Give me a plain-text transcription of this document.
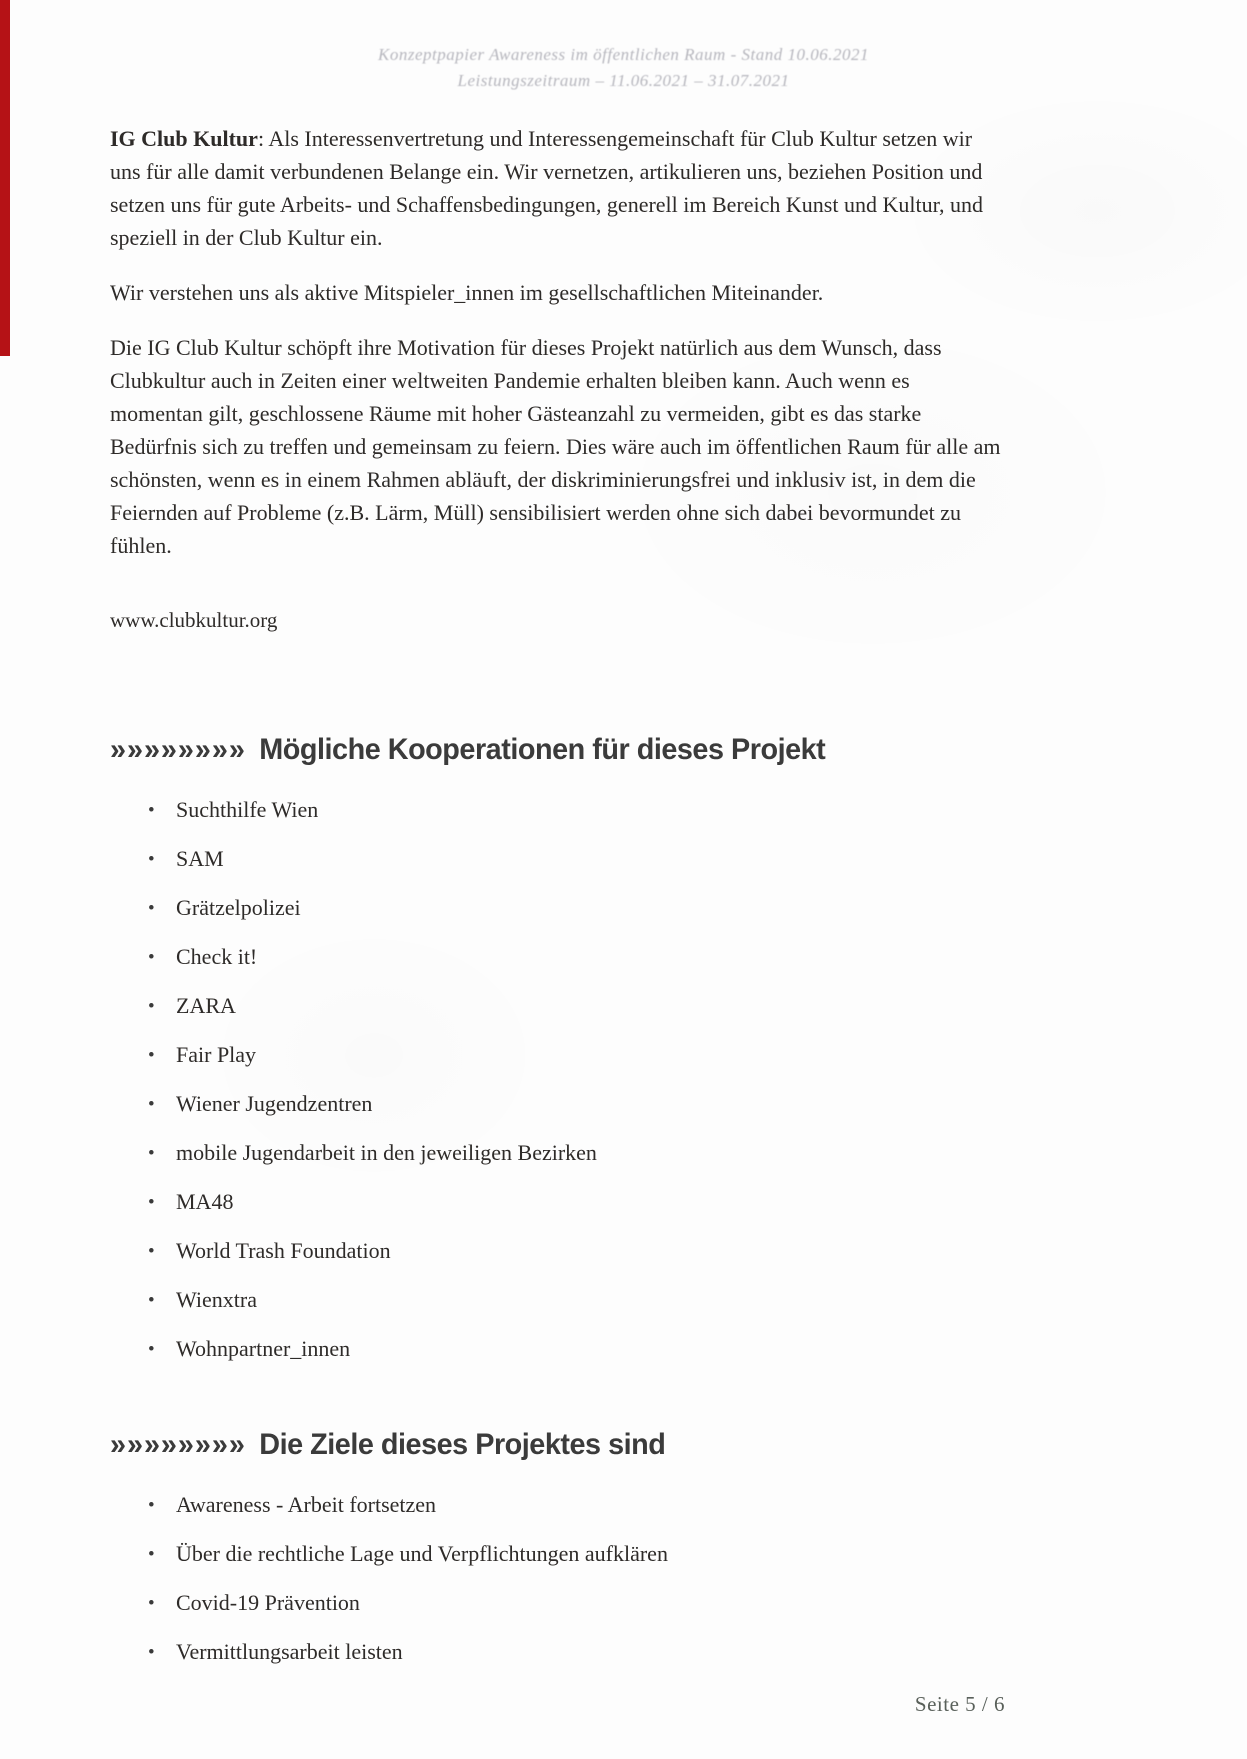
Konzeptpapier Awareness im öffentlichen Raum - Stand 10.06.2021
Leistungszeitraum – 11.06.2021 – 31.07.2021

IG Club Kultur: Als Interessenvertretung und Interessengemeinschaft für Club Kultur setzen wir uns für alle damit verbundenen Belange ein. Wir vernetzen, artikulieren uns, beziehen Position und setzen uns für gute Arbeits- und Schaffensbedingungen, generell im Bereich Kunst und Kultur, und speziell in der Club Kultur ein.

Wir verstehen uns als aktive Mitspieler_innen im gesellschaftlichen Miteinander.

Die IG Club Kultur schöpft ihre Motivation für dieses Projekt natürlich aus dem Wunsch, dass Clubkultur auch in Zeiten einer weltweiten Pandemie erhalten bleiben kann. Auch wenn es momentan gilt, geschlossene Räume mit hoher Gästeanzahl zu vermeiden, gibt es das starke Bedürfnis sich zu treffen und gemeinsam zu feiern. Dies wäre auch im öffentlichen Raum für alle am schönsten, wenn es in einem Rahmen abläuft, der diskriminierungsfrei und inklusiv ist, in dem die Feiernden auf Probleme (z.B. Lärm, Müll) sensibilisiert werden ohne sich dabei bevormundet zu fühlen.

www.clubkultur.org

»»»»»»»» Mögliche Kooperationen für dieses Projekt
• Suchthilfe Wien
• SAM
• Grätzelpolizei
• Check it!
• ZARA
• Fair Play
• Wiener Jugendzentren
• mobile Jugendarbeit in den jeweiligen Bezirken
• MA48
• World Trash Foundation
• Wienxtra
• Wohnpartner_innen
»»»»»»»» Die Ziele dieses Projektes sind
• Awareness - Arbeit fortsetzen
• Über die rechtliche Lage und Verpflichtungen aufklären
• Covid-19 Prävention
• Vermittlungsarbeit leisten
Seite 5 / 6
